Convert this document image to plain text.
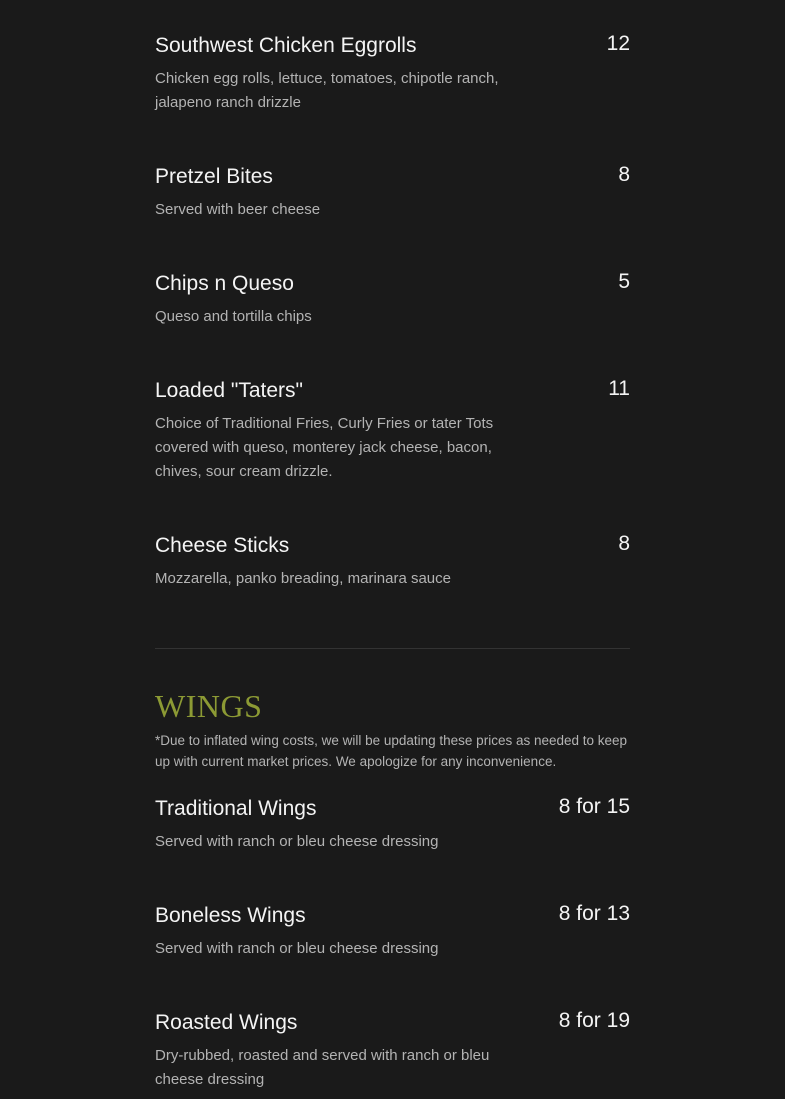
Southwest Chicken Eggrolls	12
Chicken egg rolls, lettuce, tomatoes, chipotle ranch, jalapeno ranch drizzle
Pretzel Bites	8
Served with beer cheese
Chips n Queso	5
Queso and tortilla chips
Loaded "Taters"	11
Choice of Traditional Fries, Curly Fries or tater Tots covered with queso, monterey jack cheese, bacon, chives, sour cream drizzle.
Cheese Sticks	8
Mozzarella, panko breading, marinara sauce
WINGS
*Due to inflated wing costs, we will be updating these prices as needed to keep up with current market prices. We apologize for any inconvenience.
Traditional Wings	8 for 15
Served with ranch or bleu cheese dressing
Boneless Wings	8 for 13
Served with ranch or bleu cheese dressing
Roasted Wings	8 for 19
Dry-rubbed, roasted and served with ranch or bleu cheese dressing
